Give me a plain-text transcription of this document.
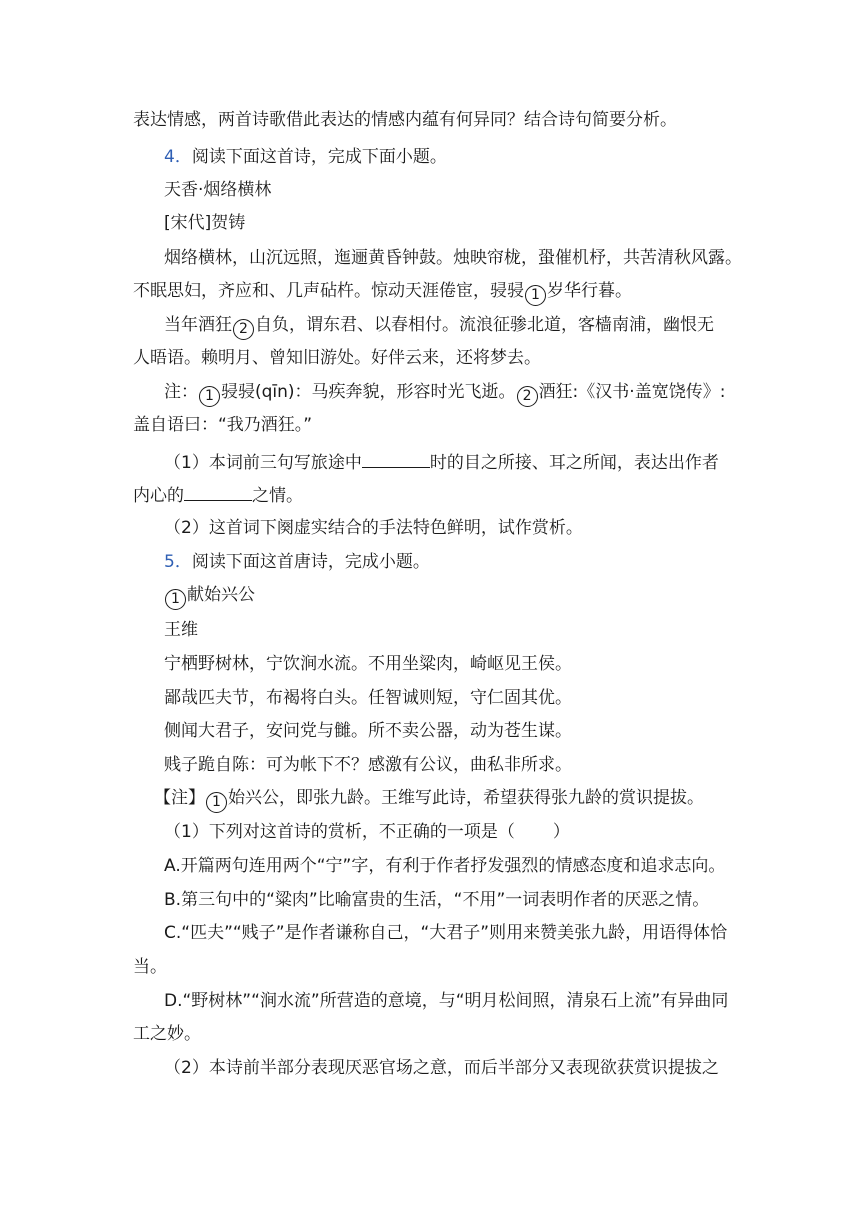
表达情感，两首诗歌借此表达的情感内蕴有何异同？结合诗句简要分析。
4．阅读下面这首诗，完成下面小题。
天香·烟络横林
[宋代]贺铸
烟络横林，山沉远照，迤逦黄昏钟鼓。烛映帘栊，蛩催机杼，共苦清秋风露。
不眠思妇，齐应和、几声砧杵。惊动天涯倦宦，骎骎 1 岁华行暮。
当年酒狂 2 自负，谓东君、以春相付。流浪征骖北道，客樯南浦，幽恨无
人晤语。赖明月、曾知旧游处。好伴云来，还将梦去。
注： 1 骎骎(qīn)：马疾奔貌，形容时光飞逝。 2 酒狂:《汉书·盖宽饶传》:
盖自语曰：“我乃酒狂。”
（1）本词前三句写旅途中	时的目之所接、耳之所闻，表达出作者
内心的	之情。
（2）这首词下阕虚实结合的手法特色鲜明，试作赏析。
5．阅读下面这首唐诗，完成小题。
1 献始兴公
王维
宁栖野树林，宁饮涧水流。不用坐粱肉，崎岖见王侯。
鄙哉匹夫节，布褐将白头。任智诚则短，守仁固其优。
侧闻大君子，安问党与雠。所不卖公器，动为苍生谋。
贱子跪自陈：可为帐下不？感激有公议，曲私非所求。
【注】 1 始兴公，即张九龄。王维写此诗，希望获得张九龄的赏识提拔。
（1）下列对这首诗的赏析，不正确的一项是（ ）
A.开篇两句连用两个“宁”字，有利于作者抒发强烈的情感态度和追求志向。
B.第三句中的“粱肉”比喻富贵的生活，“不用”一词表明作者的厌恶之情。
C.“匹夫”“贱子”是作者谦称自己，“大君子”则用来赞美张九龄，用语得体恰
当。
D.“野树林”“涧水流”所营造的意境，与“明月松间照，清泉石上流”有异曲同
工之妙。
（2）本诗前半部分表现厌恶官场之意，而后半部分又表现欲获赏识提拔之
